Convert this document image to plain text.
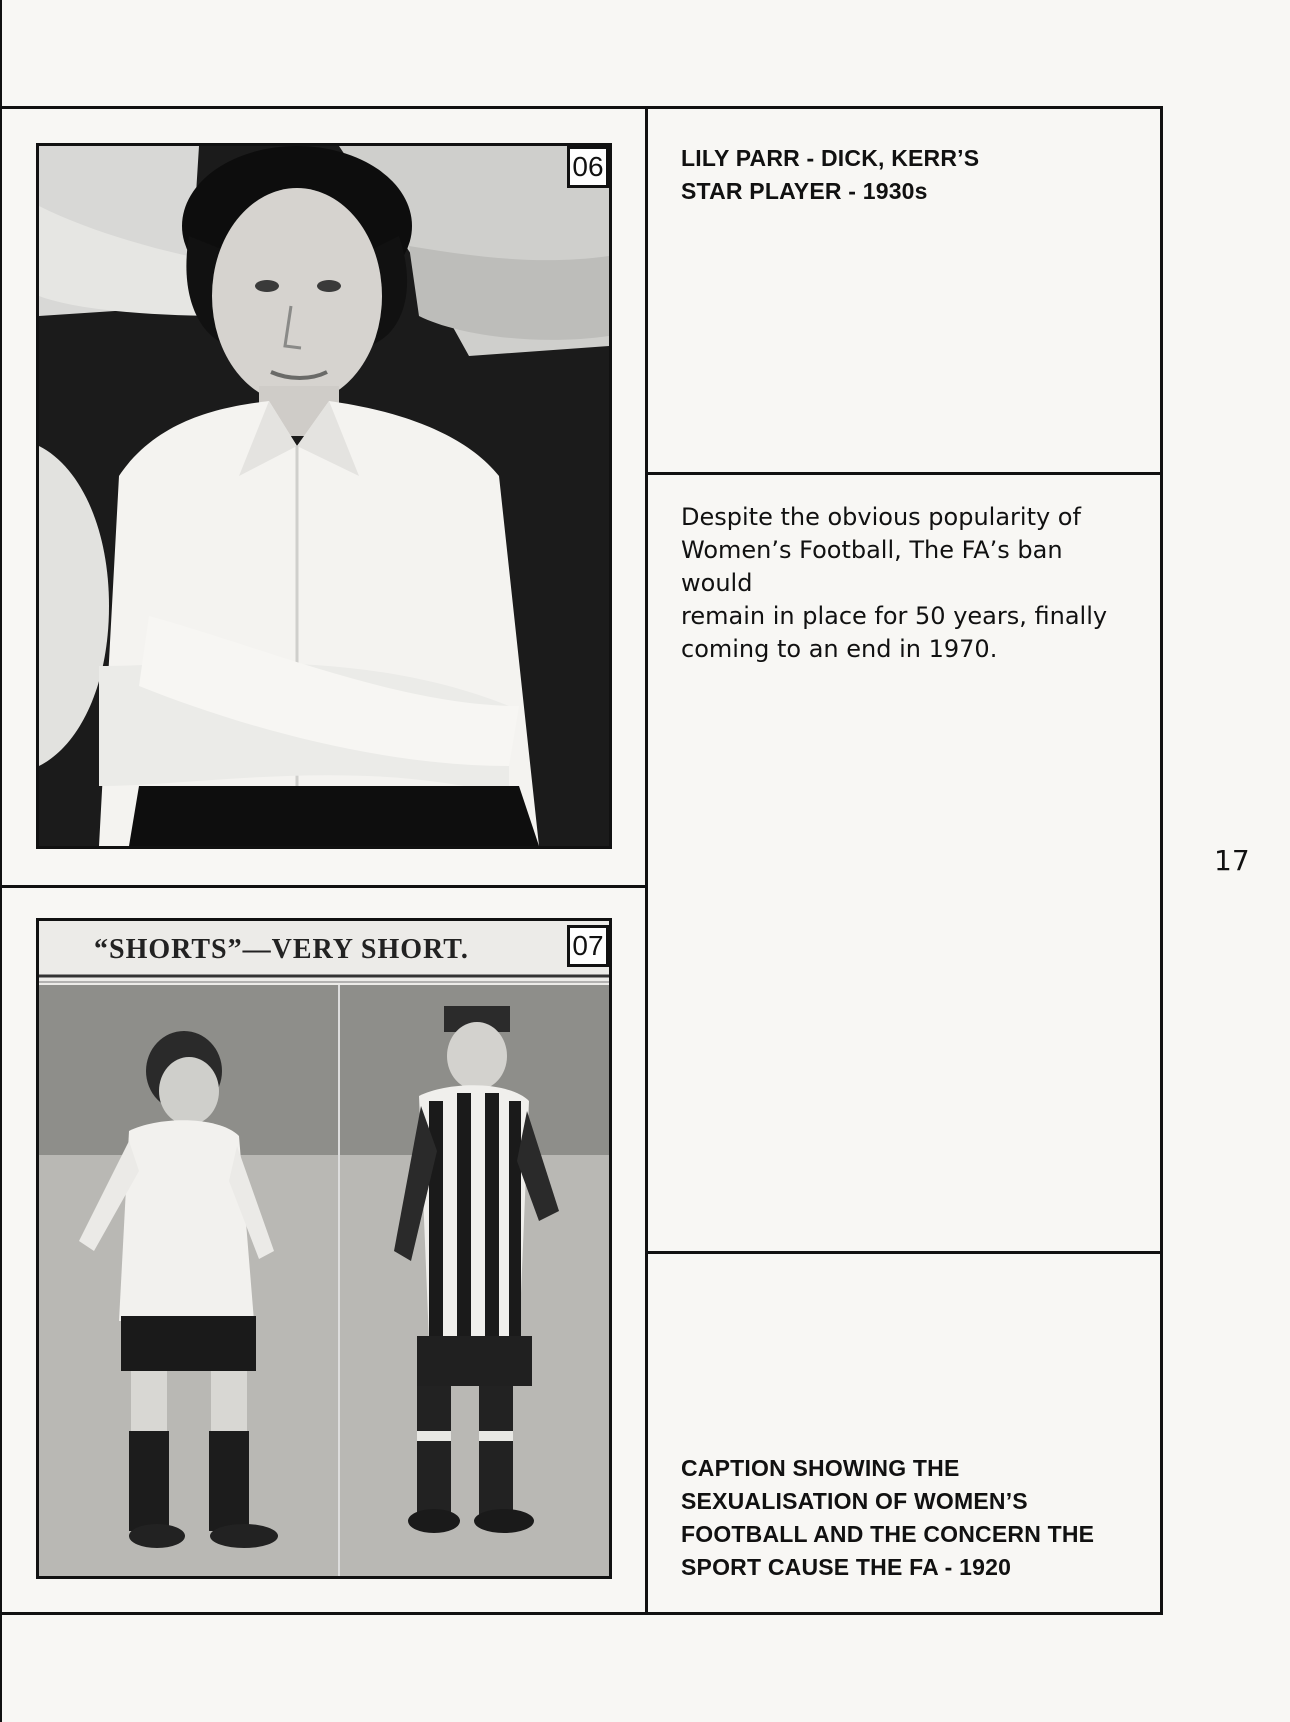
06
“SHORTS”—VERY SHORT.	07
LILY PARR - DICK, KERR’S
STAR PLAYER - 1930s
Despite the obvious popularity of
Women’s Football, The FA’s ban would
remain in place for 50 years, finally
coming to an end in 1970.
CAPTION SHOWING THE
SEXUALISATION OF WOMEN’S
FOOTBALL AND THE CONCERN THE
SPORT CAUSE THE FA - 1920
17
